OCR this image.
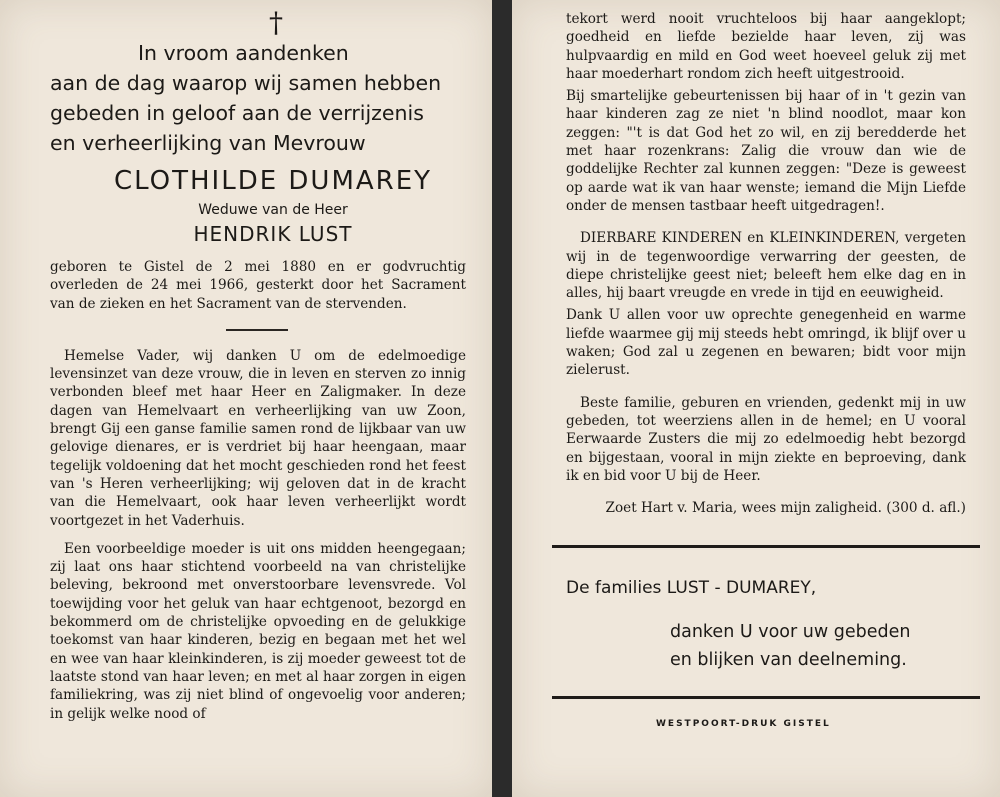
†
In vroom aandenken
aan de dag waarop wij samen hebben
gebeden in geloof aan de verrijzenis
en verheerlijking van Mevrouw
CLOTHILDE DUMAREY
Weduwe van de Heer
HENDRIK LUST

geboren te Gistel de 2 mei 1880 en er godvruchtig overleden de 24 mei 1966, gesterkt door het Sacrament van de zieken en het Sacrament van de stervenden.

Hemelse Vader, wij danken U om de edelmoedige levensinzet van deze vrouw, die in leven en sterven zo innig verbonden bleef met haar Heer en Zaligmaker. In deze dagen van Hemelvaart en verheerlijking van uw Zoon, brengt Gij een ganse familie samen rond de lijkbaar van uw gelovige dienares, er is verdriet bij haar heengaan, maar tegelijk voldoening dat het mocht geschieden rond het feest van 's Heren verheerlijking; wij geloven dat in de kracht van die Hemelvaart, ook haar leven verheerlijkt wordt voortgezet in het Vaderhuis.

Een voorbeeldige moeder is uit ons midden heengegaan; zij laat ons haar stichtend voorbeeld na van christelijke beleving, bekroond met onverstoorbare levensvrede. Vol toewijding voor het geluk van haar echtgenoot, bezorgd en bekommerd om de christelijke opvoeding en de gelukkige toekomst van haar kinderen, bezig en begaan met het wel en wee van haar kleinkinderen, is zij moeder geweest tot de laatste stond van haar leven; en met al haar zorgen in eigen familiekring, was zij niet blind of ongevoelig voor anderen; in gelijk welke nood of

tekort werd nooit vruchteloos bij haar aangeklopt; goedheid en liefde bezielde haar leven, zij was hulpvaardig en mild en God weet hoeveel geluk zij met haar moederhart rondom zich heeft uitgestrooid.

Bij smartelijke gebeurtenissen bij haar of in 't gezin van haar kinderen zag ze niet 'n blind noodlot, maar kon zeggen: "'t is dat God het zo wil, en zij beredderde het met haar rozenkrans: Zalig die vrouw dan wie de goddelijke Rechter zal kunnen zeggen: "Deze is geweest op aarde wat ik van haar wenste; iemand die Mijn Liefde onder de mensen tastbaar heeft uitgedragen!.

DIERBARE KINDEREN en KLEINKINDEREN, vergeten wij in de tegenwoordige verwarring der geesten, de diepe christelijke geest niet; beleeft hem elke dag en in alles, hij baart vreugde en vrede in tijd en eeuwigheid.

Dank U allen voor uw oprechte genegenheid en warme liefde waarmee gij mij steeds hebt omringd, ik blijf over u waken; God zal u zegenen en bewaren; bidt voor mijn zielerust.

Beste familie, geburen en vrienden, gedenkt mij in uw gebeden, tot weerziens allen in de hemel; en U vooral Eerwaarde Zusters die mij zo edelmoedig hebt bezorgd en bijgestaan, vooral in mijn ziekte en beproeving, dank ik en bid voor U bij de Heer.

Zoet Hart v. Maria, wees mijn zaligheid. (300 d. afl.)

De families LUST - DUMAREY,
danken U voor uw gebeden
en blijken van deelneming.
WESTPOORT-DRUK GISTEL
